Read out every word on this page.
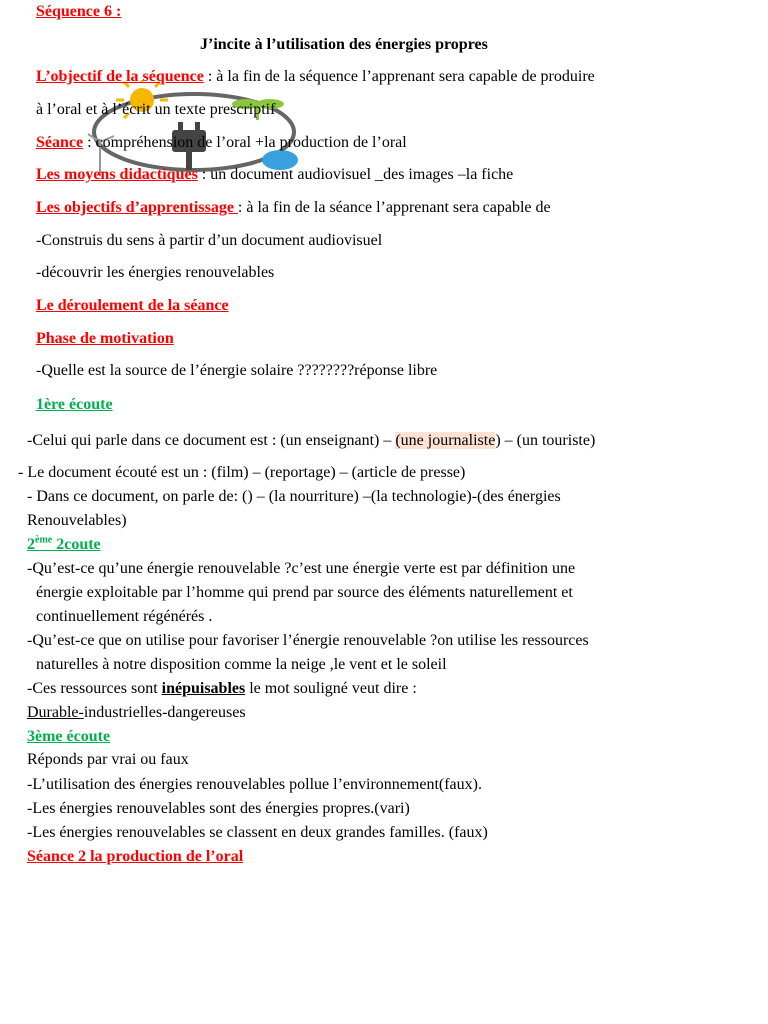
Séquence 6 :
J’incite à l’utilisation des énergies propres
L’objectif de la séquence : à la fin de la séquence l’apprenant sera capable de produire
à l’oral et à l’écrit un texte prescriptif
Séance : compréhension de l’oral +la production de l’oral
Les moyens didactiques : un document audiovisuel _des images –la fiche
Les objectifs d’apprentissage : à la fin de la séance l’apprenant sera capable de
-Construis du sens à partir d’un document audiovisuel
-découvrir les énergies renouvelables
Le déroulement de la séance
Phase de motivation
-Quelle est la source de l’énergie solaire ????????réponse libre
1ère écoute
-Celui qui parle dans ce document est : (un enseignant) – (une journaliste) – (un touriste)
- Le document écouté est un : (film) – (reportage) – (article de presse)
- Dans ce document, on parle de: () – (la nourriture) –(la technologie)-(des énergies
Renouvelables)
2ème 2coute
-Qu’est-ce qu’une énergie renouvelable ?c’est une énergie verte est par définition une
énergie exploitable par l’homme qui prend par source des éléments naturellement et
continuellement régénérés .
-Qu’est-ce que on utilise pour favoriser l’énergie renouvelable ?on utilise les ressources
naturelles à notre disposition comme la neige ,le vent et le soleil
-Ces ressources sont inépuisables le mot souligné veut dire :
Durable-industrielles-dangereuses
3ème écoute
Réponds par vrai ou faux
-L’utilisation des énergies renouvelables pollue l’environnement(faux).
-Les énergies renouvelables sont des énergies propres.(vari)
-Les énergies renouvelables se classent en deux grandes familles. (faux)
Séance 2 la production de l’oral
